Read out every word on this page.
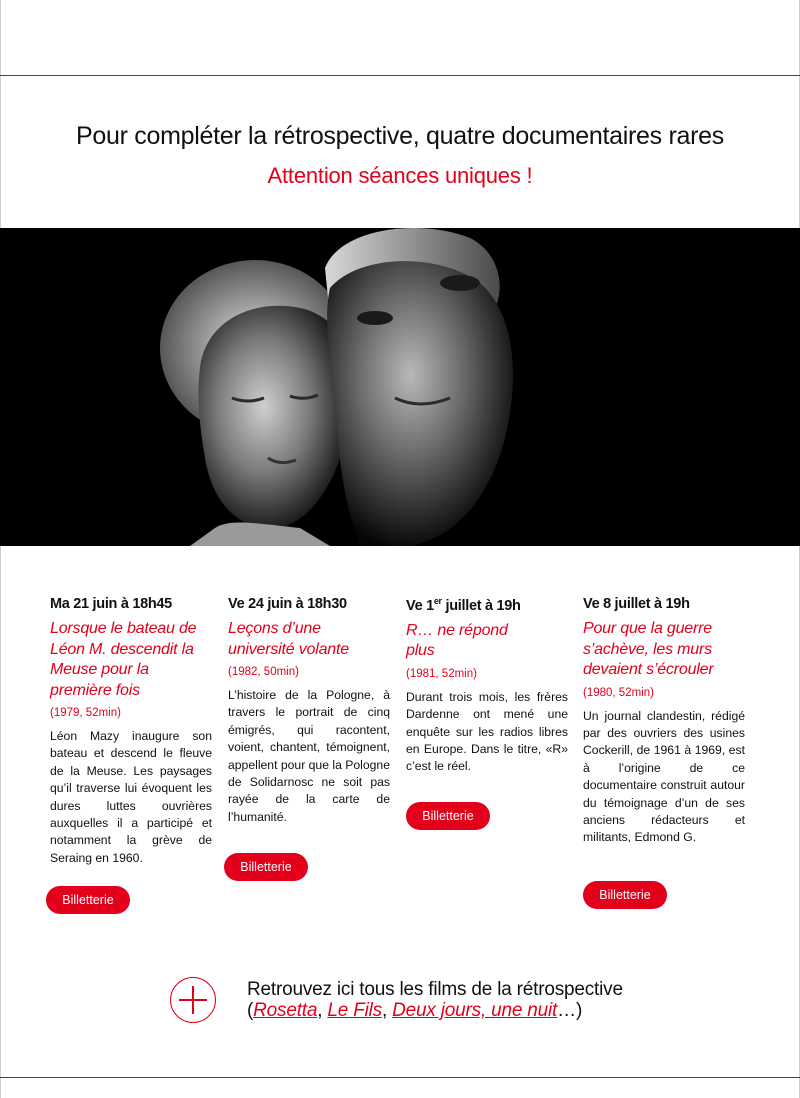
Pour compléter la rétrospective, quatre documentaires rares
Attention séances uniques !
Ma 21 juin à 18h45
Lorsque le bateau de Léon M. descendit la Meuse pour la première fois
(1979, 52min)
Léon Mazy inaugure son bateau et descend le fleuve de la Meuse. Les paysages qu’il traverse lui évoquent les dures luttes ouvrières auxquelles il a participé et notamment la grève de Seraing en 1960.
Billetterie
Ve 24 juin à 18h30
Leçons d’une université volante
(1982, 50min)
L’histoire de la Pologne, à travers le portrait de cinq émigrés, qui racontent, voient, chantent, témoignent, appellent pour que la Pologne de Solidarnosc ne soit pas rayée de la carte de l’humanité.
Billetterie
Ve 1er juillet à 19h
R… ne répond plus
(1981, 52min)
Durant trois mois, les frères Dardenne ont mené une enquête sur les radios libres en Europe. Dans le titre, «R» c’est le réel.
Billetterie
Ve 8 juillet à 19h
Pour que la guerre s’achève, les murs devaient s’écrouler
(1980, 52min)
Un journal clandestin, rédigé par des ouvriers des usines Cockerill, de 1961 à 1969, est à l’origine de ce documentaire construit autour du témoignage d’un de ses anciens rédacteurs et militants, Edmond G.
Billetterie
Retrouvez ici tous les films de la rétrospective
(Rosetta, Le Fils, Deux jours, une nuit…)
